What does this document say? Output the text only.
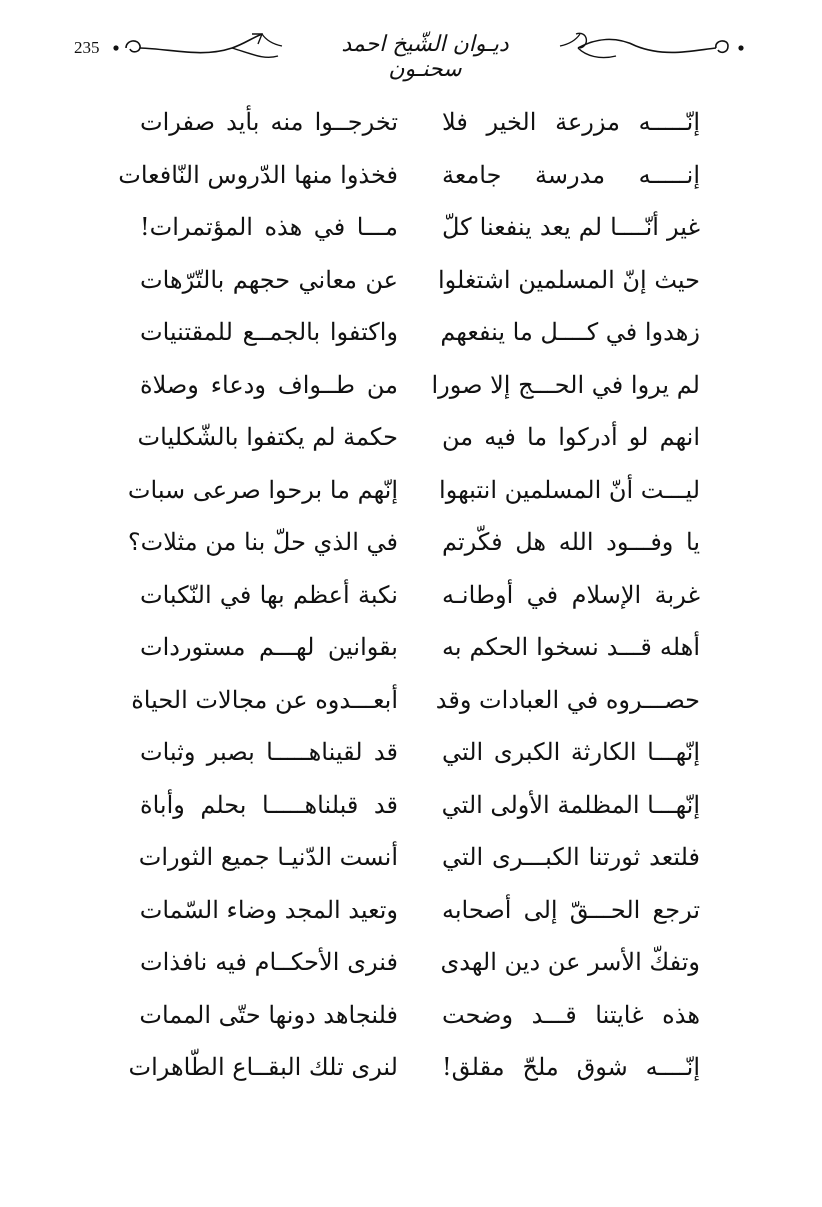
235	ديـوان الشّيخ احمد سحنـون
إنّـــــه مزرعة الخير فلا
تخرجــوا منه بأيد صفرات
إنـــــه مدرسة جامعة
فخذوا منها الدّروس النّافعات
غير أنّــــا لم يعد ينفعنا كلّ
مـــا في هذه المؤتمرات!
حيث إنّ المسلمين اشتغلوا
عن معاني حجهم بالتّرّهات
زهدوا في كــــل ما ينفعهم
واكتفوا بالجمــع للمقتنيات
لم يروا في الحـــج إلا صورا
من طــواف ودعاء وصلاة
انهم لو أدركوا ما فيه من
حكمة لم يكتفوا بالشّكليات
ليـــت أنّ المسلمين انتبهوا
إنّهم ما برحوا صرعى سبات
يا وفـــود الله هل فكّرتم
في الذي حلّ بنا من مثلات؟
غربة الإسلام في أوطانـه
نكبة أعظم بها في النّكبات
أهله قـــد نسخوا الحكم به
بقوانين لهـــم مستوردات
حصـــروه في العبادات وقد
أبعـــدوه عن مجالات الحياة
إنّهـــا الكارثة الكبرى التي
قد لقيناهـــــا بصبر وثبات
إنّهـــا المظلمة الأولى التي
قد قبلناهـــــا بحلم وأباة
فلتعد ثورتنا الكبـــرى التي
أنست الدّنيـا جميع الثورات
ترجع الحـــقّ إلى أصحابه
وتعيد المجد وضاء السّمات
وتفكّ الأسر عن دين الهدى
فنرى الأحكــام فيه نافذات
هذه غايتنا قـــد وضحت
فلنجاهد دونها حتّى الممات
إنّــــه شوق ملحّ مقلق!
لنرى تلك البقــاع الطّاهرات
